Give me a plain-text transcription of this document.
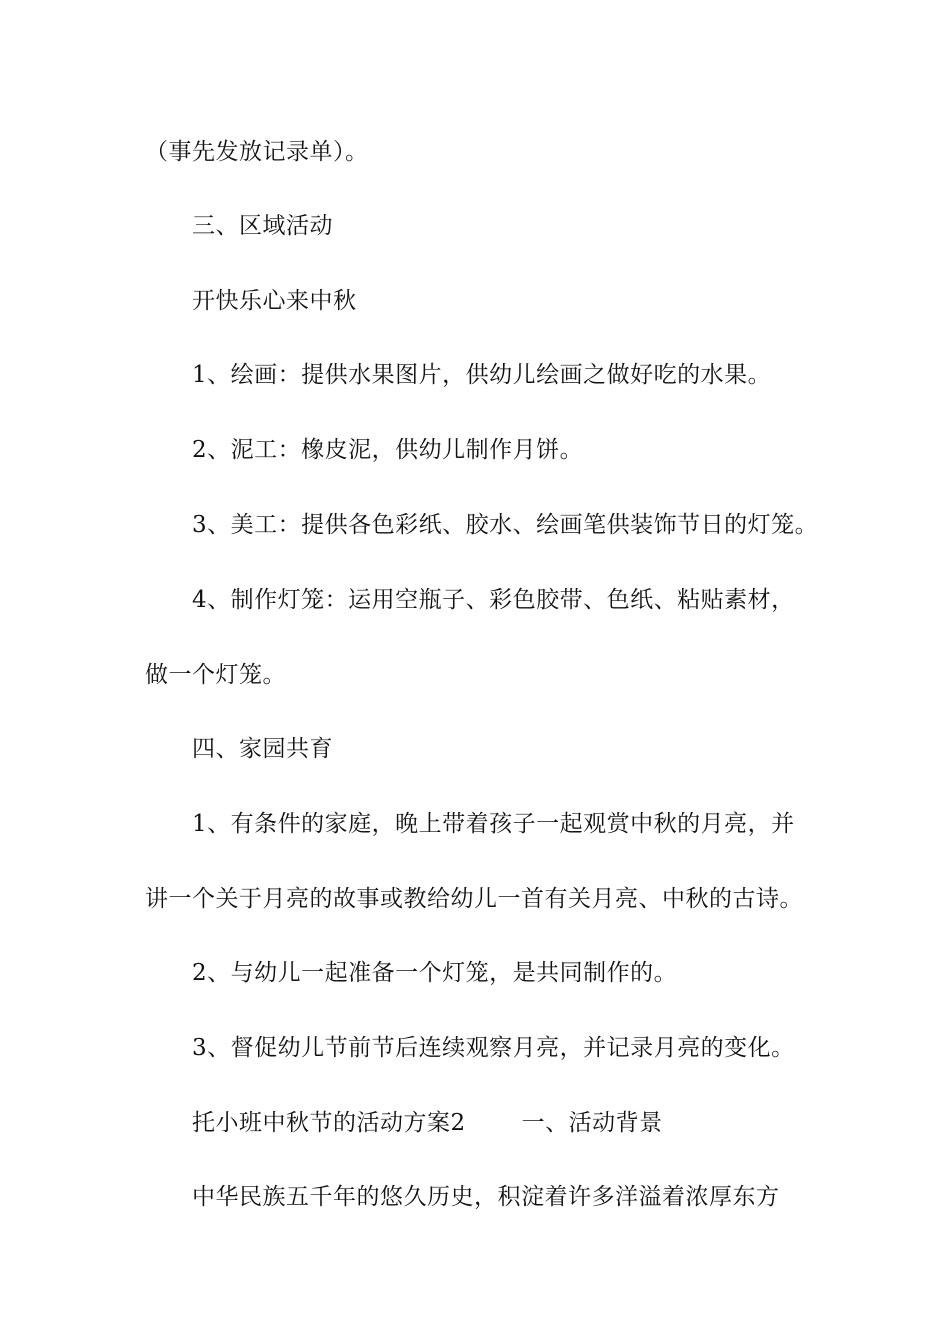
（事先发放记录单）。
三、区域活动
开快乐心来中秋
1、绘画：提供水果图片，供幼儿绘画之做好吃的水果。
2、泥工：橡皮泥，供幼儿制作月饼。
3、美工：提供各色彩纸、胶水、绘画笔供装饰节日的灯笼。
4、制作灯笼：运用空瓶子、彩色胶带、色纸、粘贴素材，
做一个灯笼。
四、家园共育
1、有条件的家庭，晚上带着孩子一起观赏中秋的月亮，并
讲一个关于月亮的故事或教给幼儿一首有关月亮、中秋的古诗。
2、与幼儿一起准备一个灯笼，是共同制作的。
3、督促幼儿节前节后连续观察月亮，并记录月亮的变化。
托小班中秋节的活动方案2 一、活动背景
中华民族五千年的悠久历史，积淀着许多洋溢着浓厚东方
